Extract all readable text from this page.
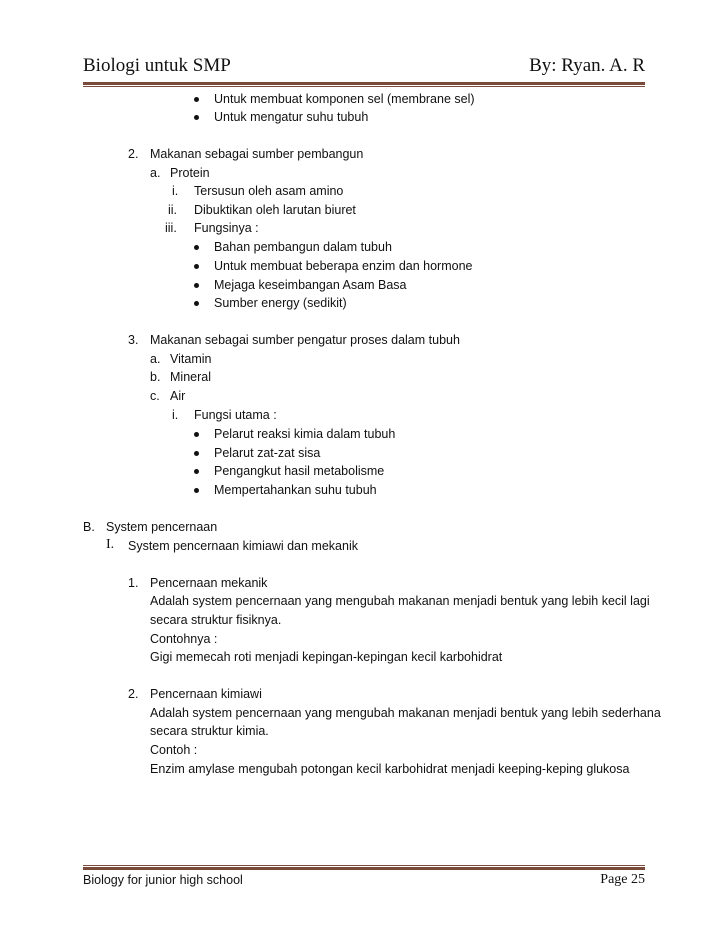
Biologi untuk SMP	By: Ryan. A. R
Untuk membuat komponen sel (membrane sel)
Untuk mengatur suhu tubuh
2. Makanan sebagai sumber pembangun
a. Protein
i. Tersusun oleh asam amino
ii. Dibuktikan oleh larutan biuret
iii. Fungsinya :
Bahan pembangun dalam tubuh
Untuk membuat beberapa enzim dan hormone
Mejaga keseimbangan Asam Basa
Sumber energy (sedikit)
3. Makanan sebagai sumber pengatur proses dalam tubuh
a. Vitamin
b. Mineral
c. Air
i. Fungsi utama :
Pelarut reaksi kimia dalam tubuh
Pelarut zat-zat sisa
Pengangkut hasil metabolisme
Mempertahankan suhu tubuh
B. System pencernaan
I. System pencernaan kimiawi dan mekanik
1. Pencernaan mekanik
Adalah system pencernaan yang mengubah makanan menjadi bentuk yang lebih kecil lagi
secara struktur fisiknya.
Contohnya :
Gigi memecah roti menjadi kepingan-kepingan kecil karbohidrat
2. Pencernaan kimiawi
Adalah system pencernaan yang mengubah makanan menjadi bentuk yang lebih sederhana
secara struktur kimia.
Contoh :
Enzim amylase mengubah potongan kecil karbohidrat menjadi keeping-keping glukosa
Biology for junior high school	Page 25
